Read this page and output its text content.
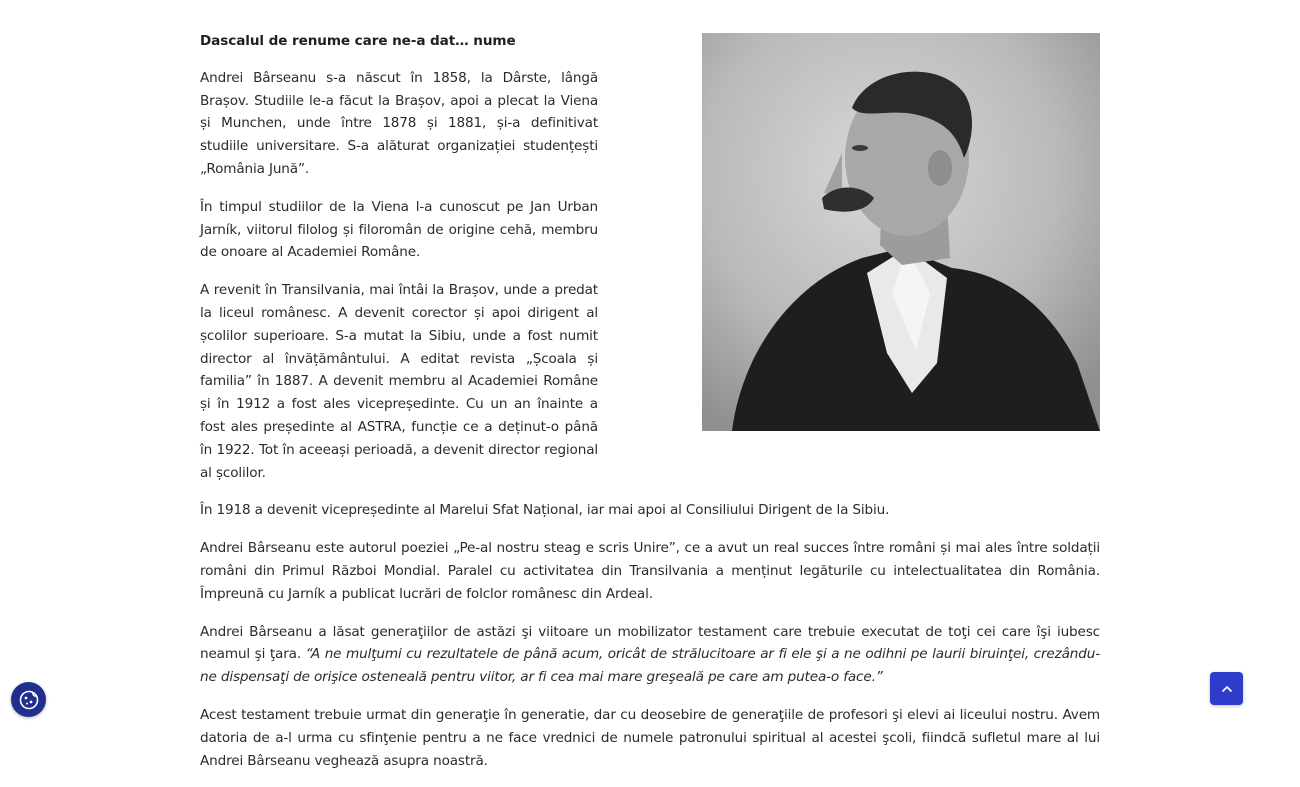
Dascalul de renume care ne-a dat… nume

Andrei Bârseanu s-a născut în 1858, la Dârste, lângă Brașov. Studiile le-a făcut la Brașov, apoi a plecat la Viena și Munchen, unde între 1878 și 1881, și-a definitivat studiile universitare. S-a alăturat organizației studențești „România Jună”.

În timpul studiilor de la Viena l-a cunoscut pe Jan Urban Jarník, viitorul filolog și filoromân de origine cehă, membru de onoare al Academiei Române.

A revenit în Transilvania, mai întâi la Brașov, unde a predat la liceul românesc. A devenit corector și apoi dirigent al școlilor superioare. S-a mutat la Sibiu, unde a fost numit director al învățământului. A editat revista „Școala și familia” în 1887. A devenit membru al Academiei Române și în 1912 a fost ales vicepreședinte. Cu un an înainte a fost ales președinte al ASTRA, funcție ce a deținut-o până în 1922. Tot în aceeași perioadă, a devenit director regional al școlilor.

În 1918 a devenit vicepreședinte al Marelui Sfat Național, iar mai apoi al Consiliului Dirigent de la Sibiu.

Andrei Bârseanu este autorul poeziei „Pe-al nostru steag e scris Unire”, ce a avut un real succes între români și mai ales între soldații români din Primul Război Mondial. Paralel cu activitatea din Transilvania a menținut legăturile cu intelectualitatea din România. Împreună cu Jarník a publicat lucrări de folclor românesc din Ardeal.

Andrei Bârseanu a lăsat generaţiilor de astăzi şi viitoare un mobilizator testament care trebuie executat de toţi cei care îşi iubesc neamul şi ţara. “A ne mulţumi cu rezultatele de până acum, oricât de strălucitoare ar fi ele şi a ne odihni pe laurii biruinţei, crezându-ne dispensaţi de orişice osteneală pentru viitor, ar fi cea mai mare greşeală pe care am putea-o face.”

Acest testament trebuie urmat din generaţie în generatie, dar cu deosebire de generaţiile de profesori şi elevi ai liceului nostru. Avem datoria de a-l urma cu sfinţenie pentru a ne face vrednici de numele patronului spiritual al acestei şcoli, fiindcă sufletul mare al lui Andrei Bârseanu veghează asupra noastră.
